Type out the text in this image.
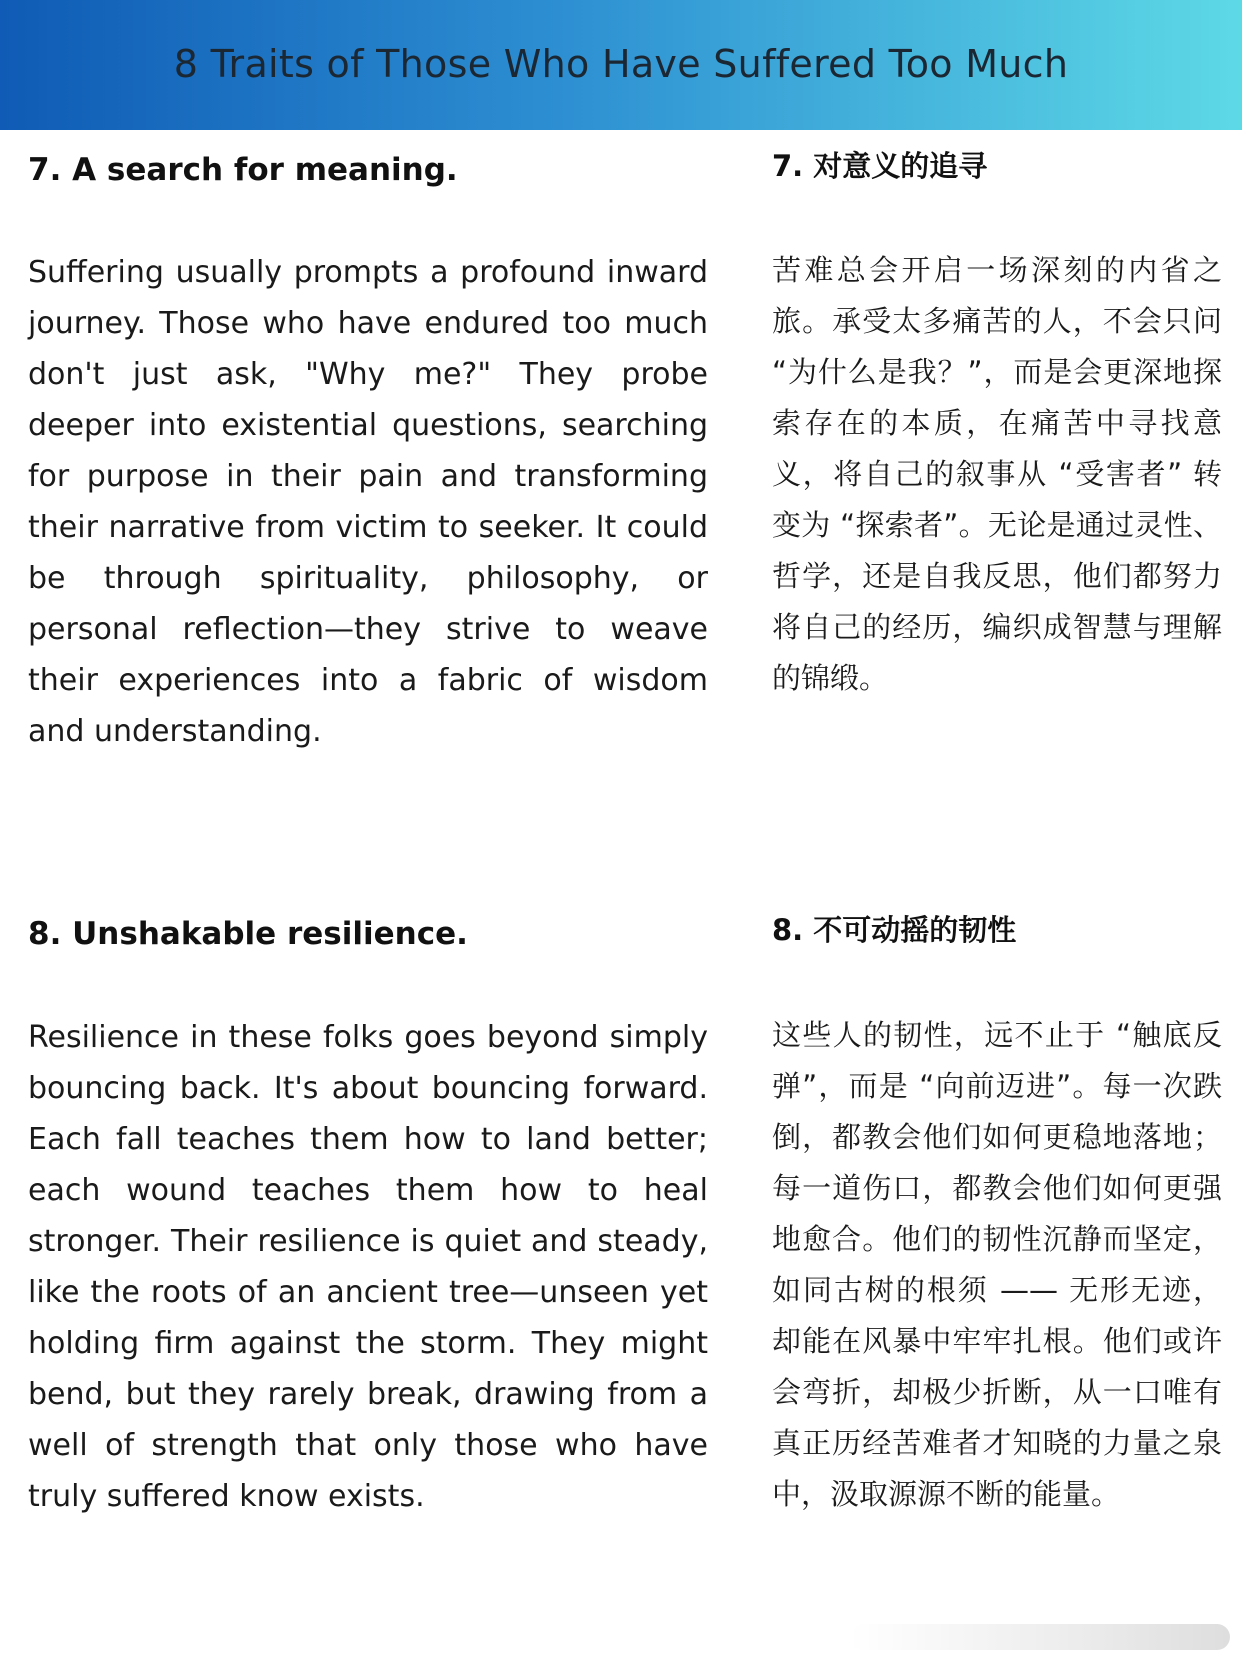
8 Traits of Those Who Have Suffered Too Much
7. A search for meaning.

Suffering usually prompts a profound inward journey. Those who have endured too much don't just ask, "Why me?" They probe deeper into existential questions, searching for purpose in their pain and transforming their narrative from victim to seeker. It could be through spirituality, philosophy, or personal reflection—they strive to weave their experiences into a fabric of wisdom and understanding.

7. 对意义的追寻

苦难总会开启一场深刻的内省之旅。承受太多痛苦的人，不会只问 “为什么是我？”，而是会更深地探索存在的本质，在痛苦中寻找意义，将自己的叙事从 “受害者” 转变为 “探索者”。无论是通过灵性、哲学，还是自我反思，他们都努力将自己的经历，编织成智慧与理解的锦缎。

8. Unshakable resilience.

Resilience in these folks goes beyond simply bouncing back. It's about bouncing forward. Each fall teaches them how to land better; each wound teaches them how to heal stronger. Their resilience is quiet and steady, like the roots of an ancient tree—unseen yet holding firm against the storm. They might bend, but they rarely break, drawing from a well of strength that only those who have truly suffered know exists.

8. 不可动摇的韧性

这些人的韧性，远不止于 “触底反弹”，而是 “向前迈进”。每一次跌倒，都教会他们如何更稳地落地；每一道伤口，都教会他们如何更强地愈合。他们的韧性沉静而坚定，如同古树的根须 —— 无形无迹，却能在风暴中牢牢扎根。他们或许会弯折，却极少折断，从一口唯有真正历经苦难者才知晓的力量之泉中，汲取源源不断的能量。
